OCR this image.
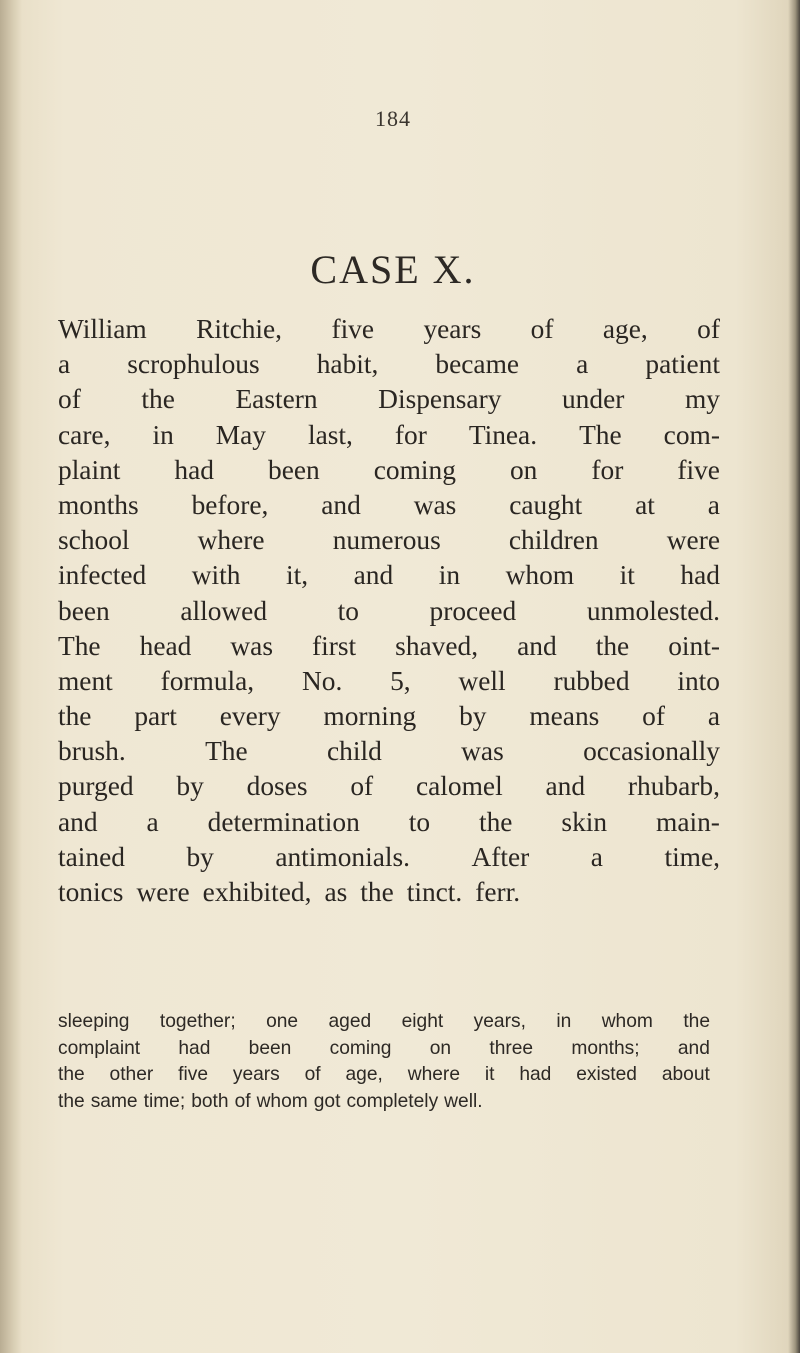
184
CASE X.
William Ritchie, five years of age, of
a scrophulous habit, became a patient
of the Eastern Dispensary under my
care, in May last, for Tinea. The com-
plaint had been coming on for five
months before, and was caught at a
school where numerous children were
infected with it, and in whom it had
been	allowed	to	proceed	unmolested.
The head was first shaved, and the oint-
ment formula, No. 5, well rubbed into
the part every morning by means of a
brush.	The	child	was	occasionally
purged by doses of calomel and rhubarb,
and a determination to the skin main-
tained by antimonials. After a time,
tonics were exhibited, as the tinct. ferr.
sleeping together; one aged eight years, in whom the
complaint had been coming on three months; and
the other five years of age, where it had existed about
the same time; both of whom got completely well.
